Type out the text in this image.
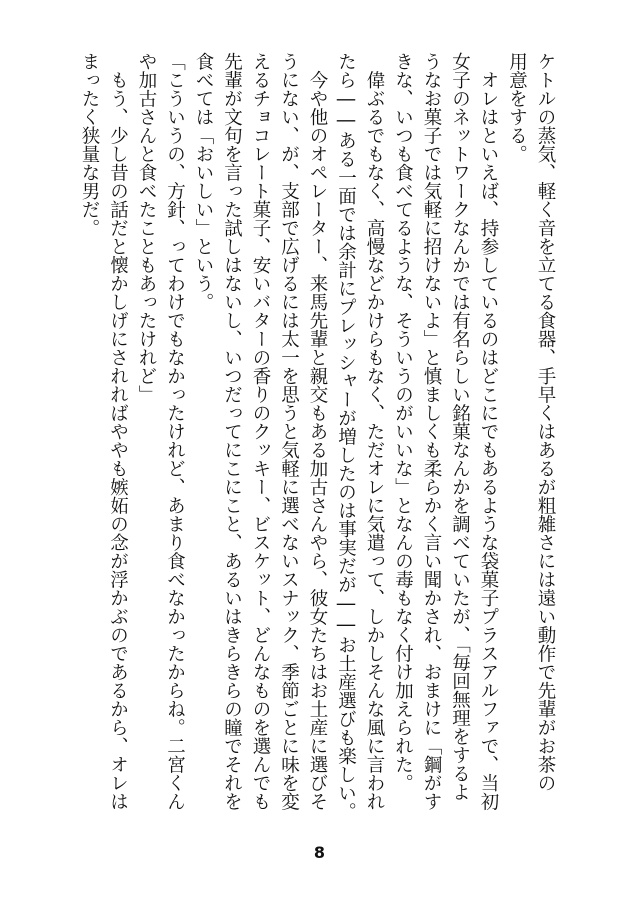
ケトルの蒸気、軽く音を立てる食器、手早くはあるが粗雑さには遠い動作で先輩がお茶の
用意をする。
　オレはといえば、持参しているのはどこにでもあるような袋菓子プラスアルファで、当初
女子のネットワークなんかでは有名らしい銘菓なんかを調べていたが、「毎回無理をするよ
うなお菓子では気軽に招けないよ」と慎ましくも柔らかく言い聞かされ、おまけに「鋼がす
きな、いつも食べてるような、そういうのがいいな」となんの毒もなく付け加えられた。
　偉ぶるでもなく、高慢などかけらもなく、ただオレに気遣って、しかしそんな風に言われ
たら――ある一面では余計にプレッシャーが増したのは事実だが――お土産選びも楽しい。
　今や他のオペレーター、来馬先輩と親交もある加古さんやら、彼女たちはお土産に選びそ
うにない、が、支部で広げるには太一を思うと気軽に選べないスナック、季節ごとに味を変
えるチョコレート菓子、安いバターの香りのクッキー、ビスケット、どんなものを選んでも
先輩が文句を言った試しはないし、いつだってにこにこと、あるいはきらきらの瞳でそれを
食べては「おいしい」という。
「こういうの、方針、ってわけでもなかったけれど、あまり食べなかったからね。二宮くん
や加古さんと食べたこともあったけれど」
　もう、少し昔の話だと懐かしげにされればややも嫉妬の念が浮かぶのであるから、オレは
まったく狭量な男だ。
8
